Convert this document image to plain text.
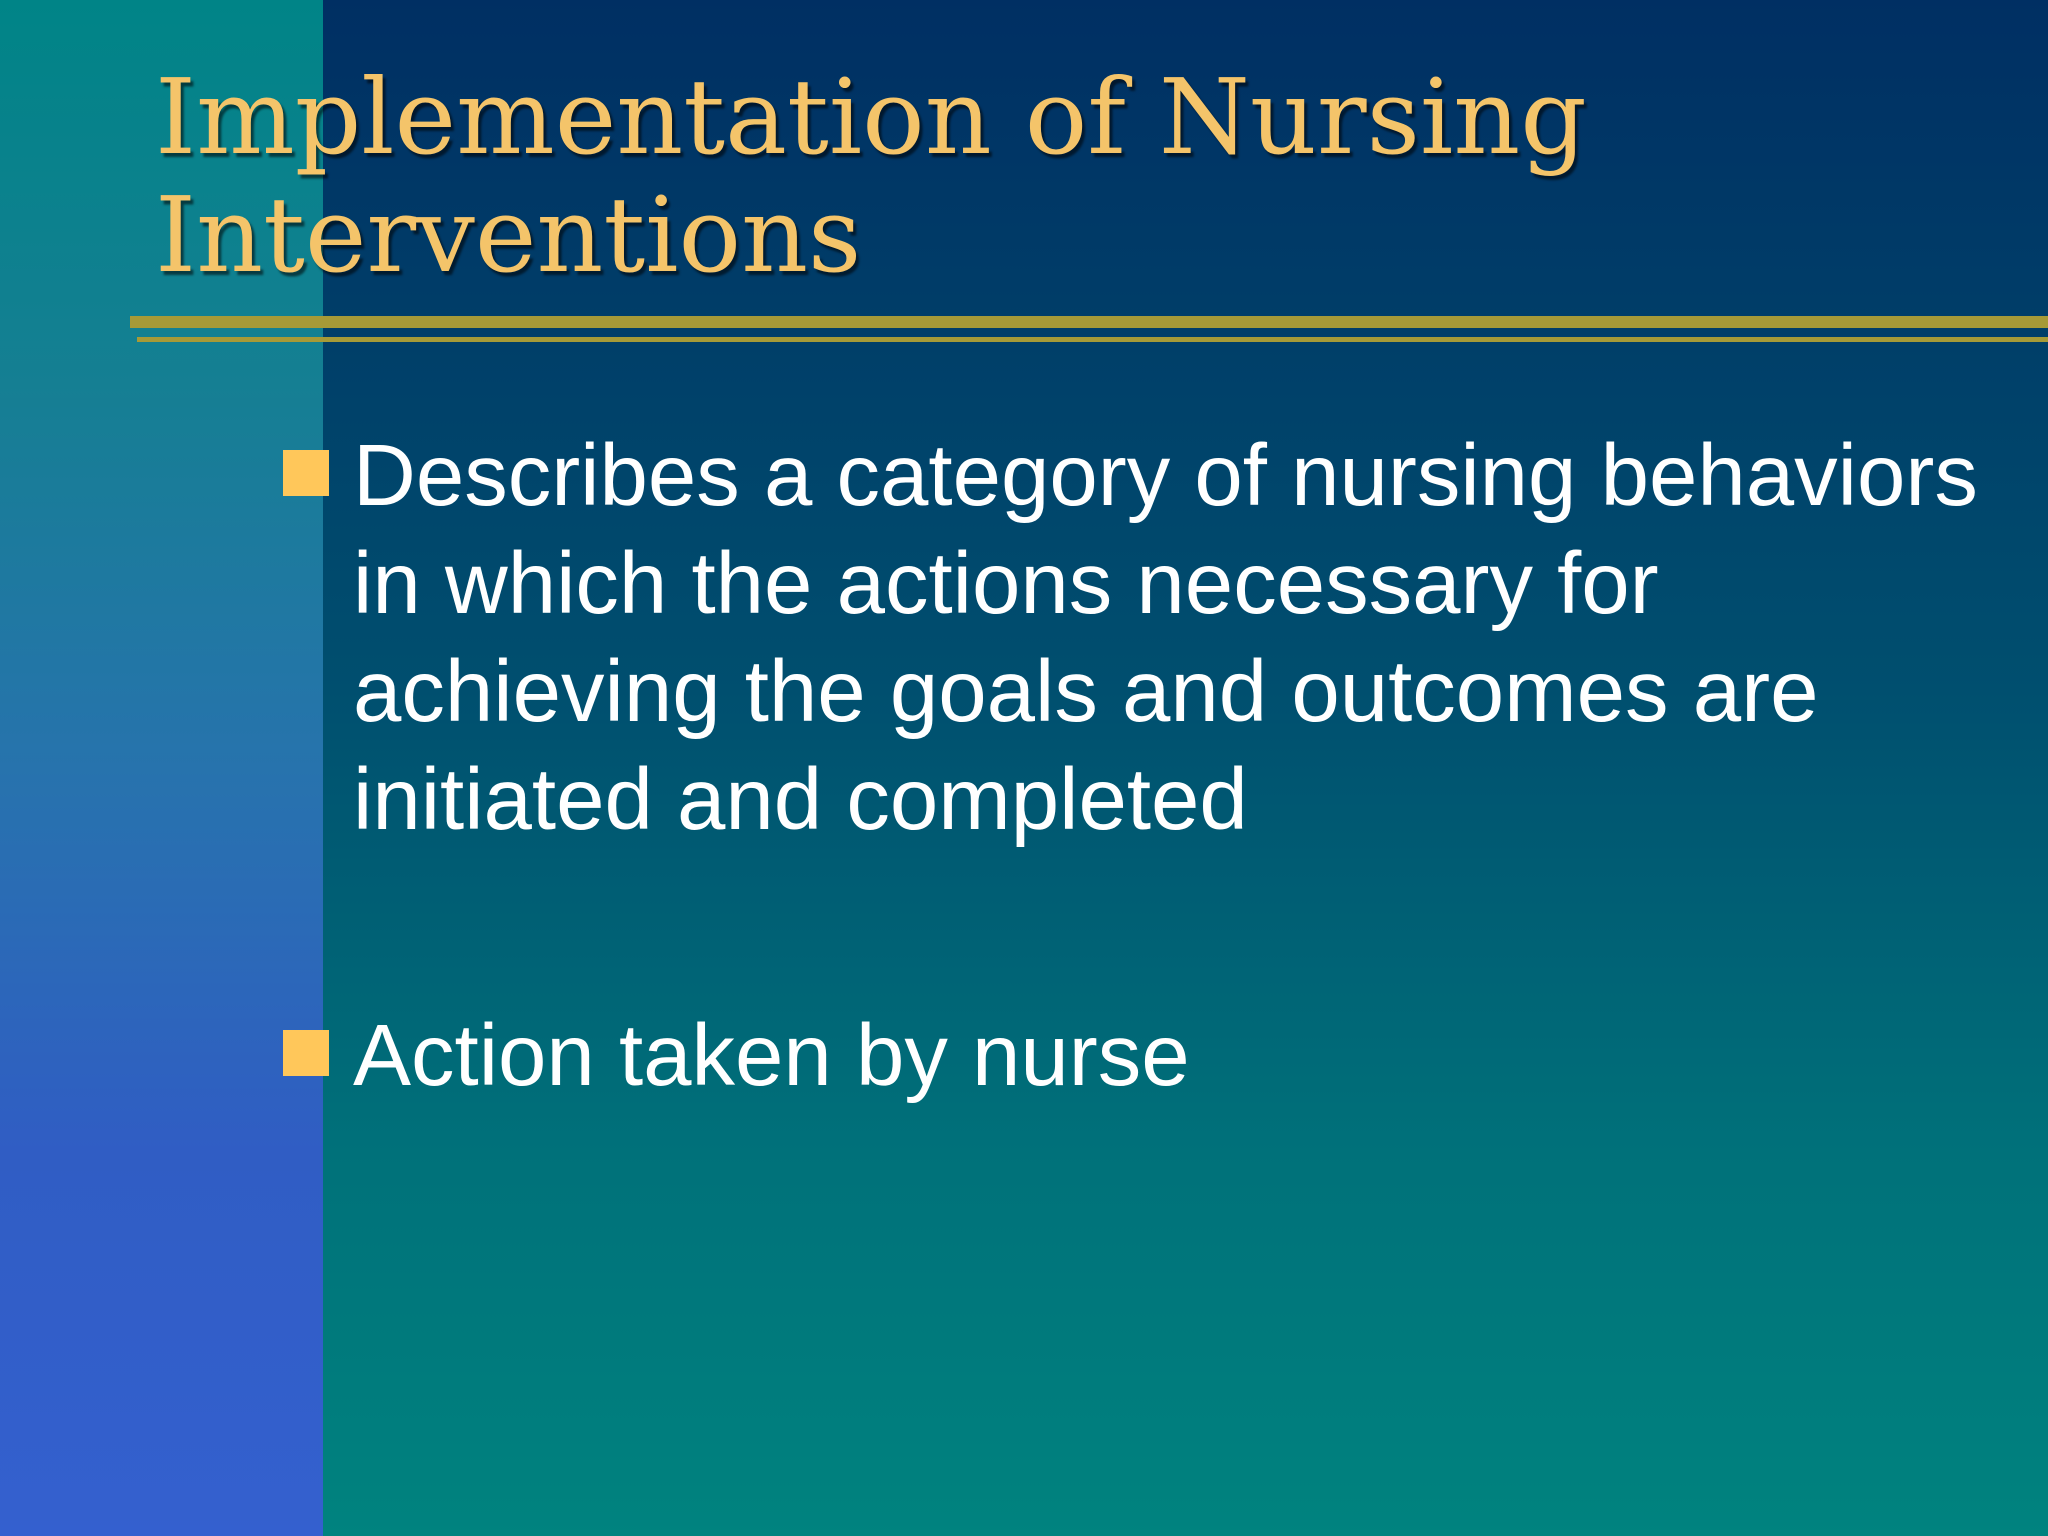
Implementation of Nursing
Interventions
Describes a category of nursing behaviors in which the actions necessary for achieving the goals and outcomes are initiated and completed
Action taken by nurse
